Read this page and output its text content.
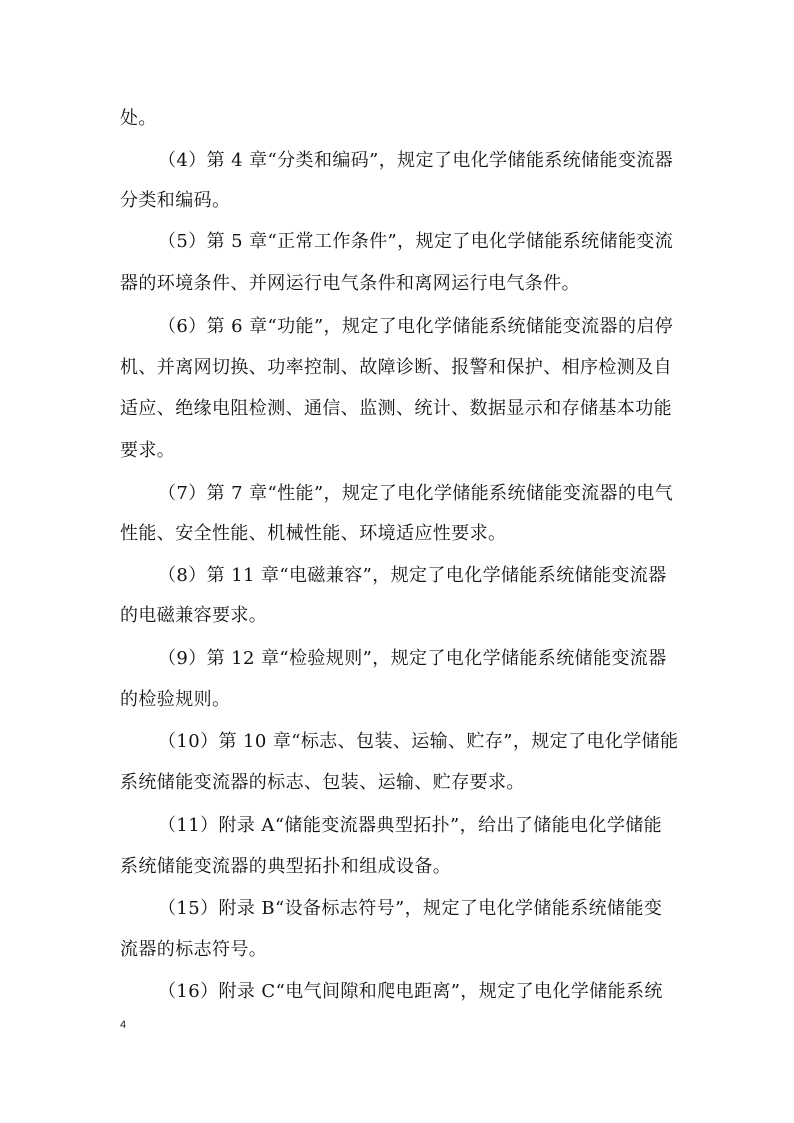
处。
（4）第 4 章“分类和编码”，规定了电化学储能系统储能变流器
分类和编码。
（5）第 5 章“正常工作条件”，规定了电化学储能系统储能变流
器的环境条件、并网运行电气条件和离网运行电气条件。
（6）第 6 章“功能”，规定了电化学储能系统储能变流器的启停
机、并离网切换、功率控制、故障诊断、报警和保护、相序检测及自
适应、绝缘电阻检测、通信、监测、统计、数据显示和存储基本功能
要求。
（7）第 7 章“性能”，规定了电化学储能系统储能变流器的电气
性能、安全性能、机械性能、环境适应性要求。
（8）第 11 章“电磁兼容”，规定了电化学储能系统储能变流器
的电磁兼容要求。
（9）第 12 章“检验规则”，规定了电化学储能系统储能变流器
的检验规则。
（10）第 10 章“标志、包装、运输、贮存”，规定了电化学储能
系统储能变流器的标志、包装、运输、贮存要求。
（11）附录 A“储能变流器典型拓扑”，给出了储能电化学储能
系统储能变流器的典型拓扑和组成设备。
（15）附录 B“设备标志符号”，规定了电化学储能系统储能变
流器的标志符号。
（16）附录 C“电气间隙和爬电距离”，规定了电化学储能系统
4
